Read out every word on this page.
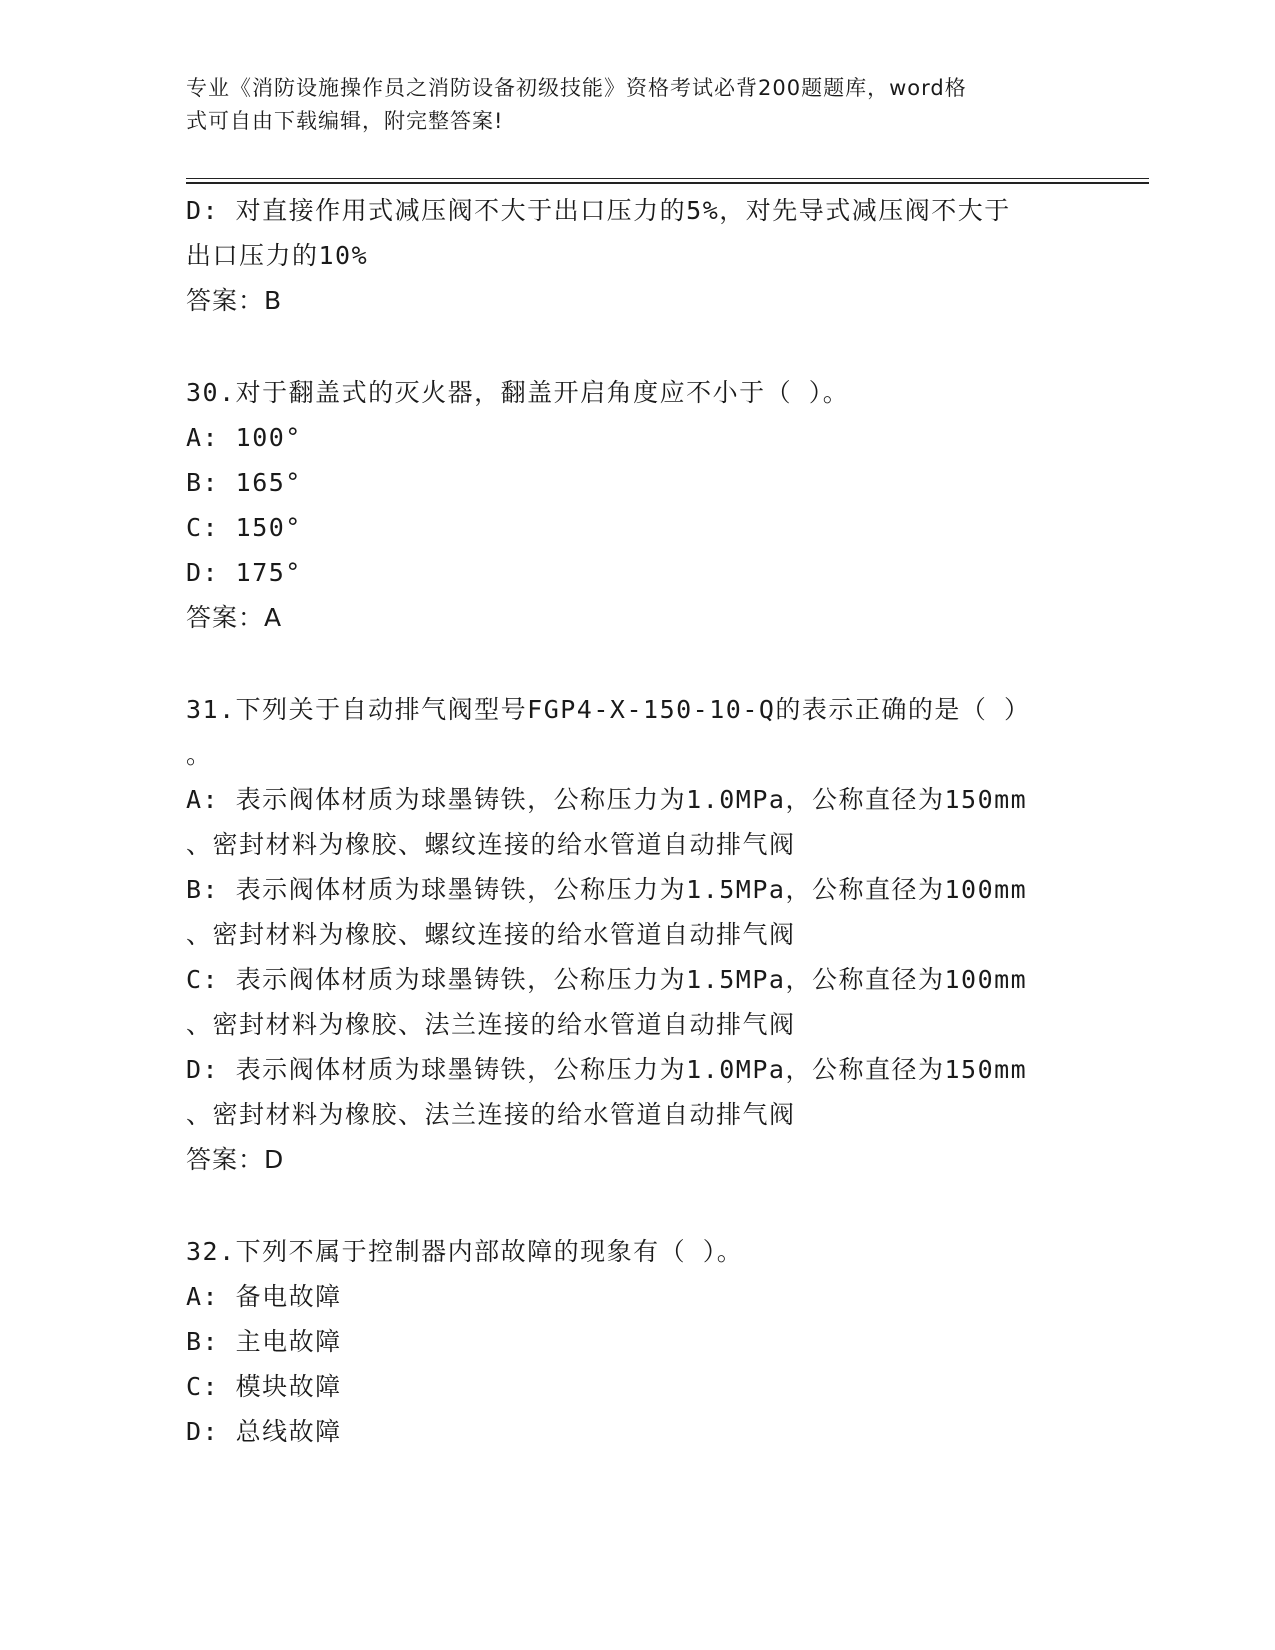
专业《消防设施操作员之消防设备初级技能》资格考试必背200题题库，word格
式可自由下载编辑，附完整答案!
D: 对直接作用式减压阀不大于出口压力的5%，对先导式减压阀不大于
出口压力的10%
答案：B
30.对于翻盖式的灭火器，翻盖开启角度应不小于（ ）。
A: 100°
B: 165°
C: 150°
D: 175°
答案：A
31.下列关于自动排气阀型号FGP4-X-150-10-Q的表示正确的是（ ）
。
A: 表示阀体材质为球墨铸铁，公称压力为1.0MPa，公称直径为150mm
、密封材料为橡胶、螺纹连接的给水管道自动排气阀
B: 表示阀体材质为球墨铸铁，公称压力为1.5MPa，公称直径为100mm
、密封材料为橡胶、螺纹连接的给水管道自动排气阀
C: 表示阀体材质为球墨铸铁，公称压力为1.5MPa，公称直径为100mm
、密封材料为橡胶、法兰连接的给水管道自动排气阀
D: 表示阀体材质为球墨铸铁，公称压力为1.0MPa，公称直径为150mm
、密封材料为橡胶、法兰连接的给水管道自动排气阀
答案：D
32.下列不属于控制器内部故障的现象有（ ）。
A: 备电故障
B: 主电故障
C: 模块故障
D: 总线故障
